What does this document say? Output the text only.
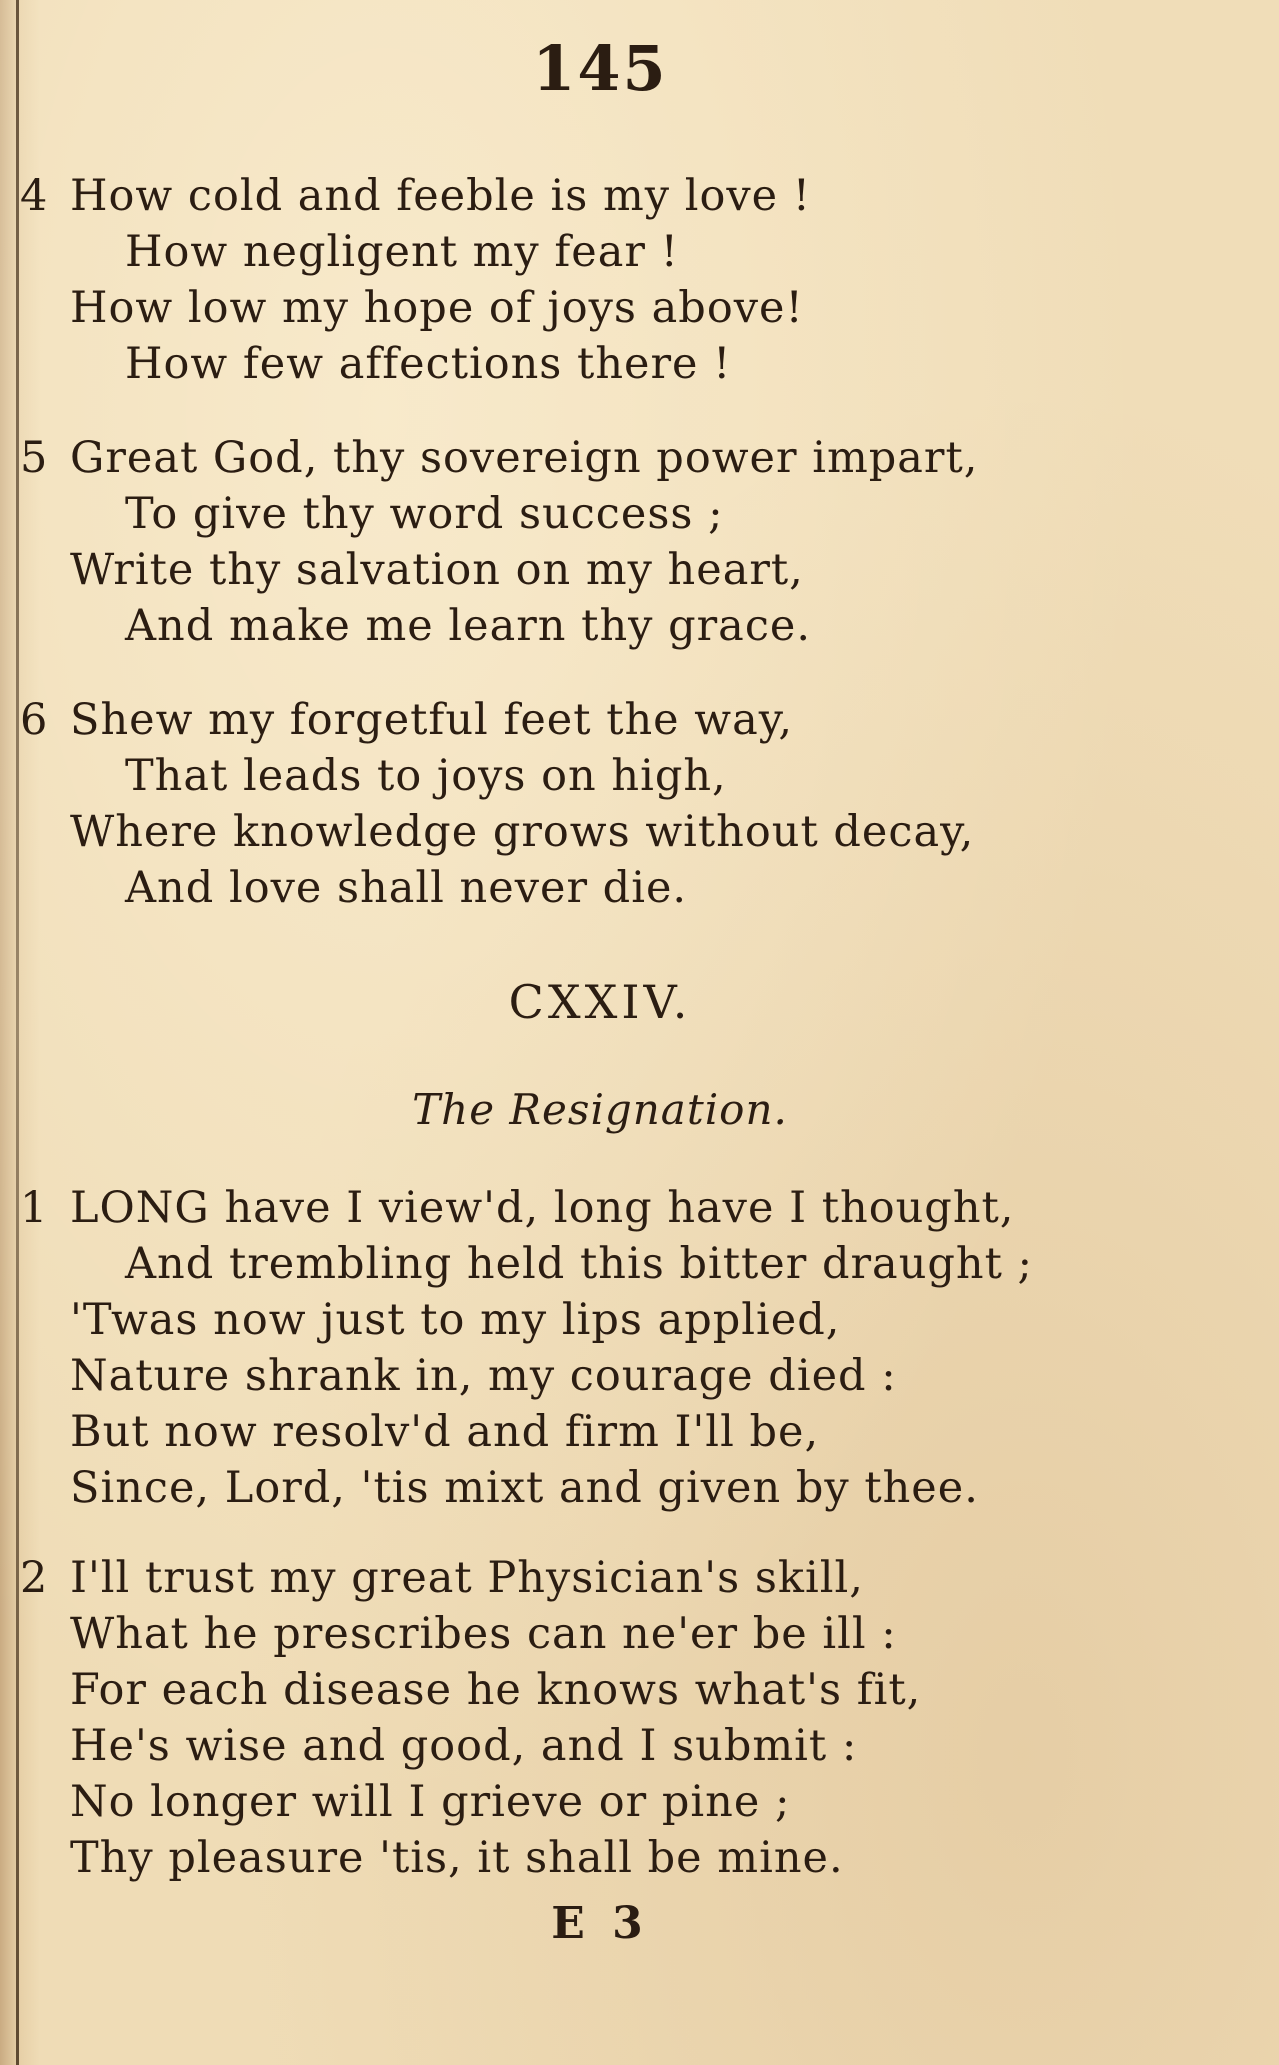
145
4 How cold and feeble is my love !
How negligent my fear !
How low my hope of joys above!
How few affections there !
5 Great God, thy sovereign power impart,
To give thy word success ;
Write thy salvation on my heart,
And make me learn thy grace.
6 Shew my forgetful feet the way,
That leads to joys on high,
Where knowledge grows without decay,
And love shall never die.
CXXIV.
The Resignation.
1 LONG have I view'd, long have I thought,
And trembling held this bitter draught ;
'Twas now just to my lips applied,
Nature shrank in, my courage died :
But now resolv'd and firm I'll be,
Since, Lord, 'tis mixt and given by thee.
2 I'll trust my great Physician's skill,
What he prescribes can ne'er be ill :
For each disease he knows what's fit,
He's wise and good, and I submit :
No longer will I grieve or pine ;
Thy pleasure 'tis, it shall be mine.
E 3
